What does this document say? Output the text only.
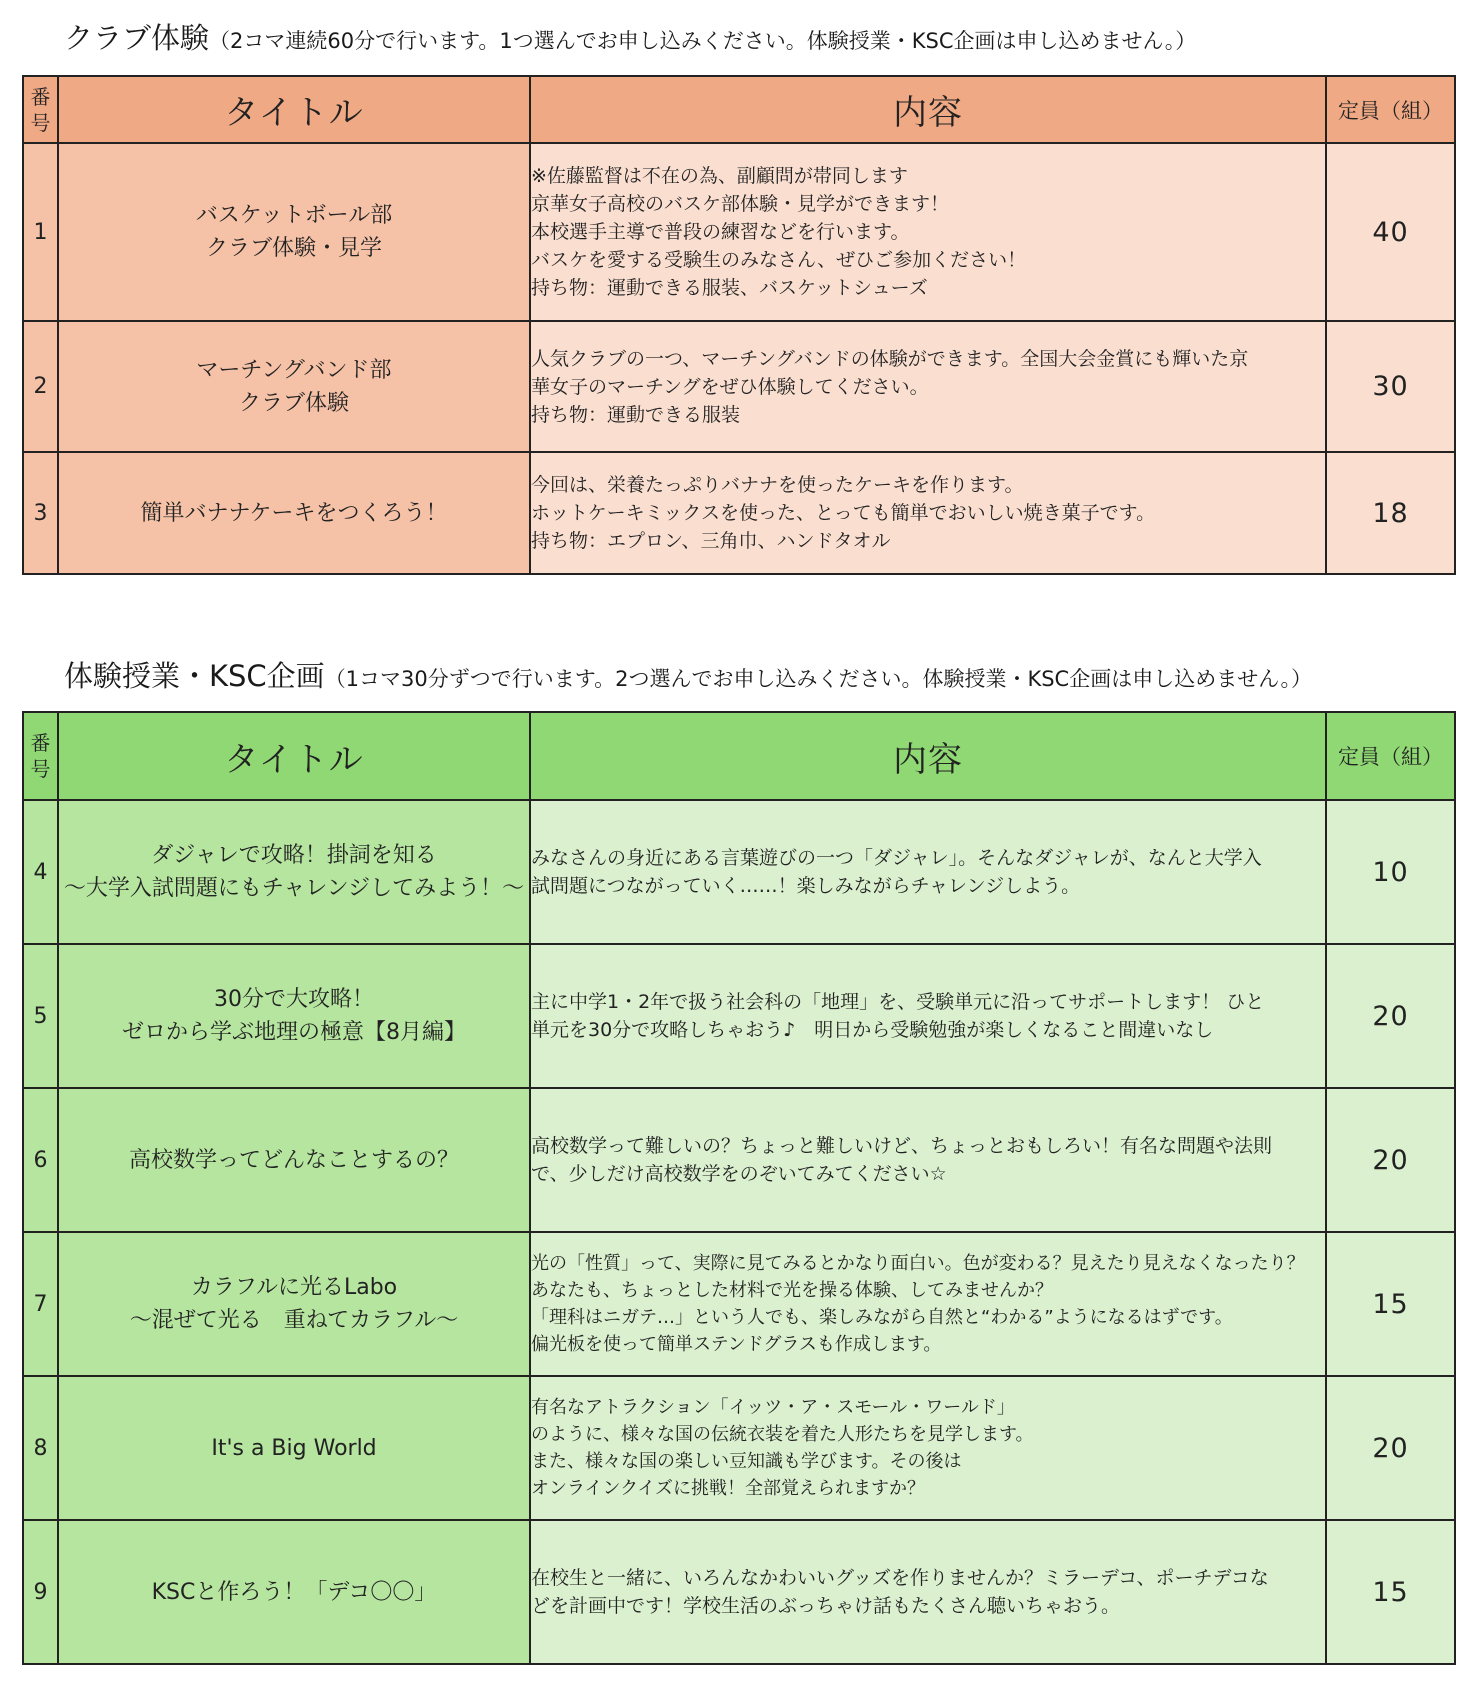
クラブ体験（2コマ連続60分で行います。1つ選んでお申し込みください。体験授業・KSC企画は申し込めません。）
番
号	タイトル	内容	定員（組）
1	バスケットボール部
クラブ体験・見学	※佐藤監督は不在の為、副顧問が帯同します
京華女子高校のバスケ部体験・見学ができます！
本校選手主導で普段の練習などを行います。
バスケを愛する受験生のみなさん、ぜひご参加ください！
持ち物：運動できる服装、バスケットシューズ	40
2	マーチングバンド部
クラブ体験	人気クラブの一つ、マーチングバンドの体験ができます。全国大会金賞にも輝いた京
華女子のマーチングをぜひ体験してください。
持ち物：運動できる服装	30
3	簡単バナナケーキをつくろう！	今回は、栄養たっぷりバナナを使ったケーキを作ります。
ホットケーキミックスを使った、とっても簡単でおいしい焼き菓子です。
持ち物：エプロン、三角巾、ハンドタオル	18
体験授業・KSC企画（1コマ30分ずつで行います。2つ選んでお申し込みください。体験授業・KSC企画は申し込めません。）
番
号	タイトル	内容	定員（組）
4	ダジャレで攻略！掛詞を知る
～大学入試問題にもチャレンジしてみよう！～	みなさんの身近にある言葉遊びの一つ「ダジャレ」。そんなダジャレが、なんと大学入
試問題につながっていく……！楽しみながらチャレンジしよう。	10
5	30分で大攻略！
ゼロから学ぶ地理の極意【8月編】	主に中学1・2年で扱う社会科の「地理」を、受験単元に沿ってサポートします！ ひと
単元を30分で攻略しちゃおう♪　明日から受験勉強が楽しくなること間違いなし	20
6	高校数学ってどんなことするの？	高校数学って難しいの？ちょっと難しいけど、ちょっとおもしろい！有名な問題や法則
で、少しだけ高校数学をのぞいてみてください☆	20
7	カラフルに光るLabo
～混ぜて光る　重ねてカラフル～	光の「性質」って、実際に見てみるとかなり面白い。色が変わる？見えたり見えなくなったり？
あなたも、ちょっとした材料で光を操る体験、してみませんか？
「理科はニガテ…」という人でも、楽しみながら自然と“わかる”ようになるはずです。
偏光板を使って簡単ステンドグラスも作成します。	15
8	It's a Big World	有名なアトラクション「イッツ・ア・スモール・ワールド」
のように、様々な国の伝統衣装を着た人形たちを見学します。
また、様々な国の楽しい豆知識も学びます。その後は
オンラインクイズに挑戦！全部覚えられますか？	20
9	KSCと作ろう！「デコ〇〇」	在校生と一緒に、いろんなかわいいグッズを作りませんか？ミラーデコ、ポーチデコな
どを計画中です！学校生活のぶっちゃけ話もたくさん聴いちゃおう。	15
